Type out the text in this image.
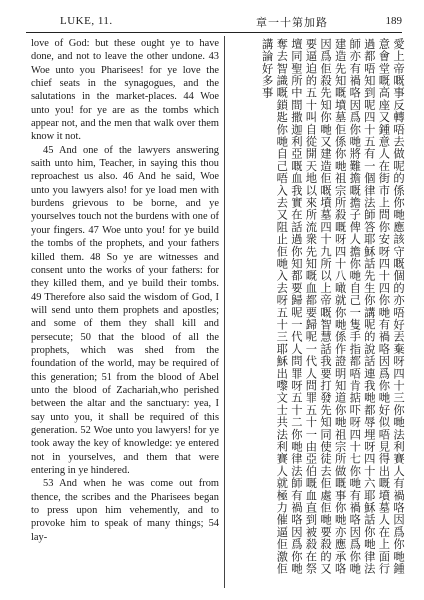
LUKE, 11.	章一十第加路	189

love of God: but these ought ye to have done, and not to leave the other undone. 43 Woe unto you Pharisees! for ye love the chief seats in the synagogues, and the salutations in the market-places. 44 Woe unto you! for ye are as the tombs which appear not, and the men that walk over them know it not.

45 And one of the lawyers answering saith unto him, Teacher, in saying this thou reproachest us also. 46 And he said, Woe unto you lawyers also! for ye load men with burdens grievous to be borne, and ye yourselves touch not the burdens with one of your fingers. 47 Woe unto you! for ye build the tombs of the prophets, and your fathers killed them. 48 So ye are witnesses and consent unto the works of your fathers: for they killed them, and ye build their tombs. 49 Therefore also said the wisdom of God, I will send unto them prophets and apostles; and some of them they shall kill and persecute; 50 that the blood of all the prophets, which was shed from the foundation of the world, may be required of this generation; 51 from the blood of Abel unto the blood of Zachariah,who perished between the altar and the sanctuary: yea, I say unto you, it shall be required of this generation. 52 Woe unto you lawyers! for ye took away the key of knowledge: ye entered not in yourselves, and them that were entering in ye hindered.

53 And when he was come out from thence, the scribes and the Pharisees began to press upon him vehemently, and to provoke him to speak of many things; 54 lay-	愛上帝嘅事反轉唔去做呢的係你哋應該守嘅個的亦唔好丟棄呀四十三你哋法利賽人有禍咯因爲你哋鍾意會堂嘅高座又鍾意人在街市上問你安呀四十四你哋有禍咯因爲你哋好似唔見得出嘅墳墓人在上面行過都唔知到呢四十五有一個律法師答耶穌話先生你講呢的說話連我哋都辱埋呀四十六耶穌話你哋律法師亦有禍咯因爲你哋將難擔嘅擔子俾人擔你哋自己一隻手指都唔肯掂吓呀四十七你哋有禍咯因爲你哋建造先知嘅墳墓佢係你哋祖宗所殺嘅呀四十八噉就你哋係作證明知道你哋祖宗所做嘅事你哋亦應承咯因爲佢殺先知你哋又建造佢嘅墳墓四十九所以上帝嘅智慧話我要打發先知同使徒去佢處佢哋要殺的又要逼迫的五十叫自從開天地以來所流衆先知嘅血都要歸呢一代人問罪五十一由亞伯嘅血直到被殺在祭壇同聖所中間撒迦利亞嘅血我實在話過你知都要歸呢一代人問罪呀五十二你哋律法師有禍咯因爲你哋奪去智識嘅鎖匙你哋自己唔入去又阻止佢哋入去呀五十三耶穌出嚟文士共法利賽人就極力催逼佢激佢講論好多事
